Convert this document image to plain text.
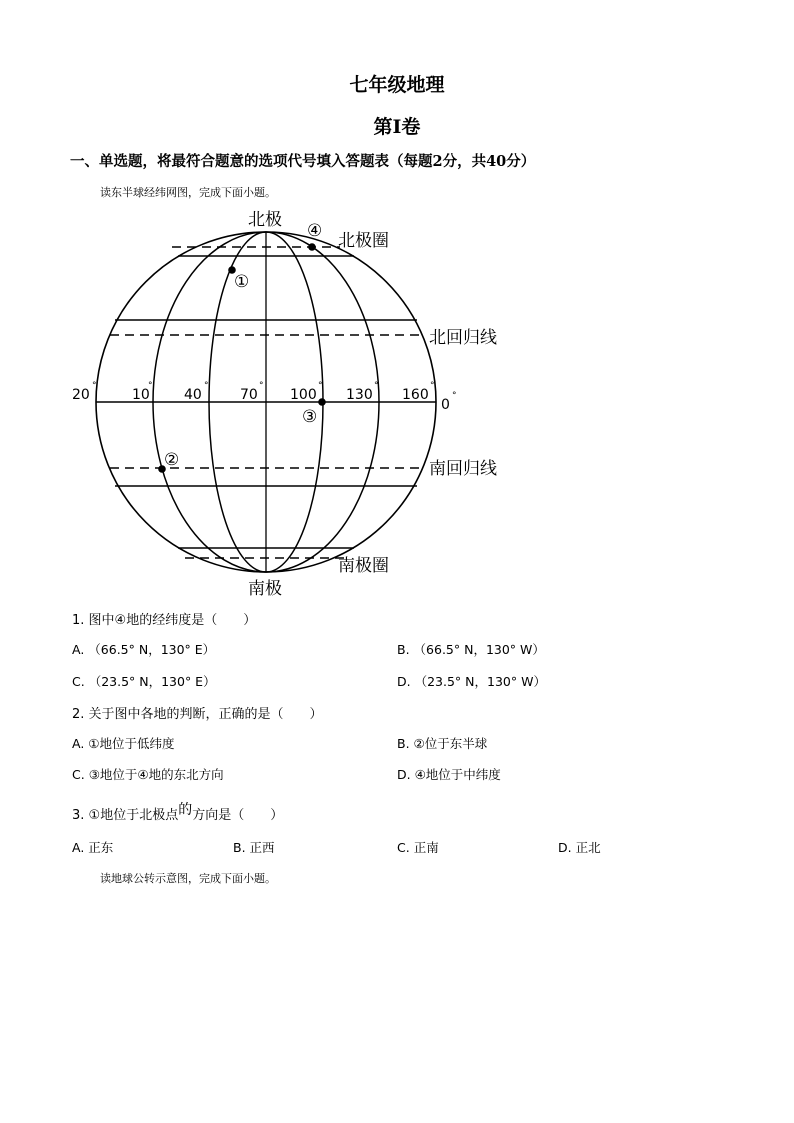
七年级地理
第Ⅰ卷
一、单选题，将最符合题意的选项代号填入答题表（每题2分，共40分）
读东半球经纬网图，完成下面小题。
①
②
③
④
北极
南极
北极圈
南极圈
北回归线
南回归线
20	10 40	70 100 130 160
0
°	°	°	°	°	°	°
°
1. 图中④地的经纬度是（　　）
A. （66.5° N，130° E）	B. （66.5° N，130° W）
C. （23.5° N，130° E）	D. （23.5° N，130° W）
2. 关于图中各地的判断，正确的是（　　）
A. ①地位于低纬度	B. ②位于东半球
C. ③地位于④地的东北方向	D. ④地位于中纬度
3. ①地位于北极点的方向是（　　）
A. 正东	B. 正西	C. 正南	D. 正北
读地球公转示意图，完成下面小题。
